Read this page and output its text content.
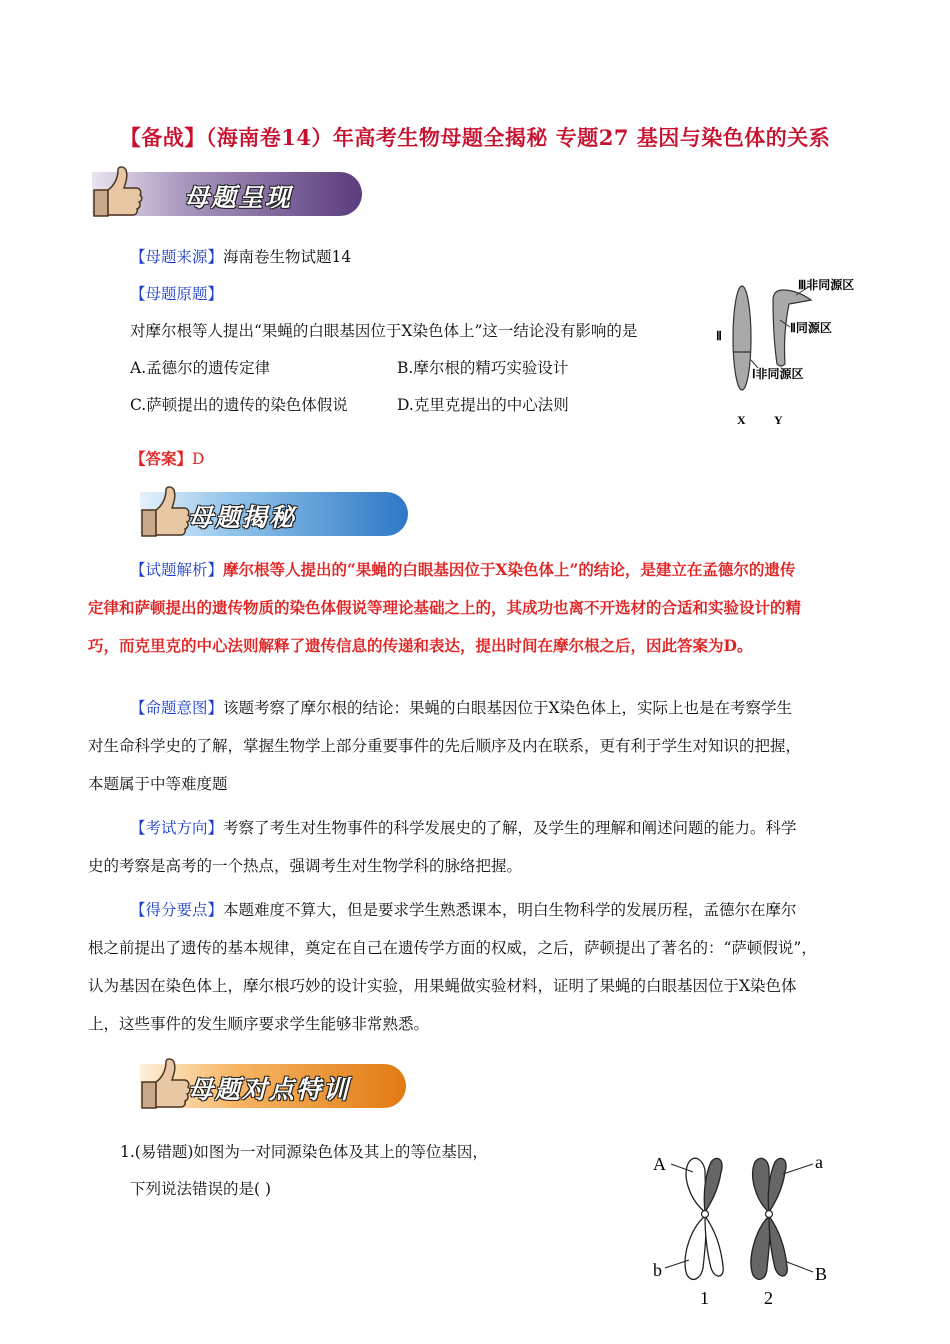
【备战】（海南卷14）年高考生物母题全揭秘 专题27 基因与染色体的关系
母题呈现
【母题来源】海南卷生物试题14
【母题原题】
对摩尔根等人提出“果蝇的白眼基因位于X染色体上”这一结论没有影响的是
A.孟德尔的遗传定律	B.摩尔根的精巧实验设计
C.萨顿提出的遗传的染色体假说	D.克里克提出的中心法则
Ⅲ非同源区
Ⅱ同源区
Ⅰ非同源区
Ⅱ
X Y
【答案】D
母题揭秘
【试题解析】摩尔根等人提出的“果蝇的白眼基因位于X染色体上”的结论，是建立在孟德尔的遗传
定律和萨顿提出的遗传物质的染色体假说等理论基础之上的，其成功也离不开选材的合适和实验设计的精
巧，而克里克的中心法则解释了遗传信息的传递和表达，提出时间在摩尔根之后，因此答案为D。
【命题意图】该题考察了摩尔根的结论：果蝇的白眼基因位于X染色体上，实际上也是在考察学生
对生命科学史的了解，掌握生物学上部分重要事件的先后顺序及内在联系，更有利于学生对知识的把握，
本题属于中等难度题
【考试方向】考察了考生对生物事件的科学发展史的了解，及学生的理解和阐述问题的能力。科学
史的考察是高考的一个热点，强调考生对生物学科的脉络把握。
【得分要点】本题难度不算大，但是要求学生熟悉课本，明白生物科学的发展历程，孟德尔在摩尔
根之前提出了遗传的基本规律，奠定在自己在遗传学方面的权威，之后，萨顿提出了著名的：“萨顿假说”，
认为基因在染色体上，摩尔根巧妙的设计实验，用果蝇做实验材料，证明了果蝇的白眼基因位于X染色体
上，这些事件的发生顺序要求学生能够非常熟悉。
母题对点特训
1.(易错题)如图为一对同源染色体及其上的等位基因，
下列说法错误的是( )
A	a
b	B
1	2
